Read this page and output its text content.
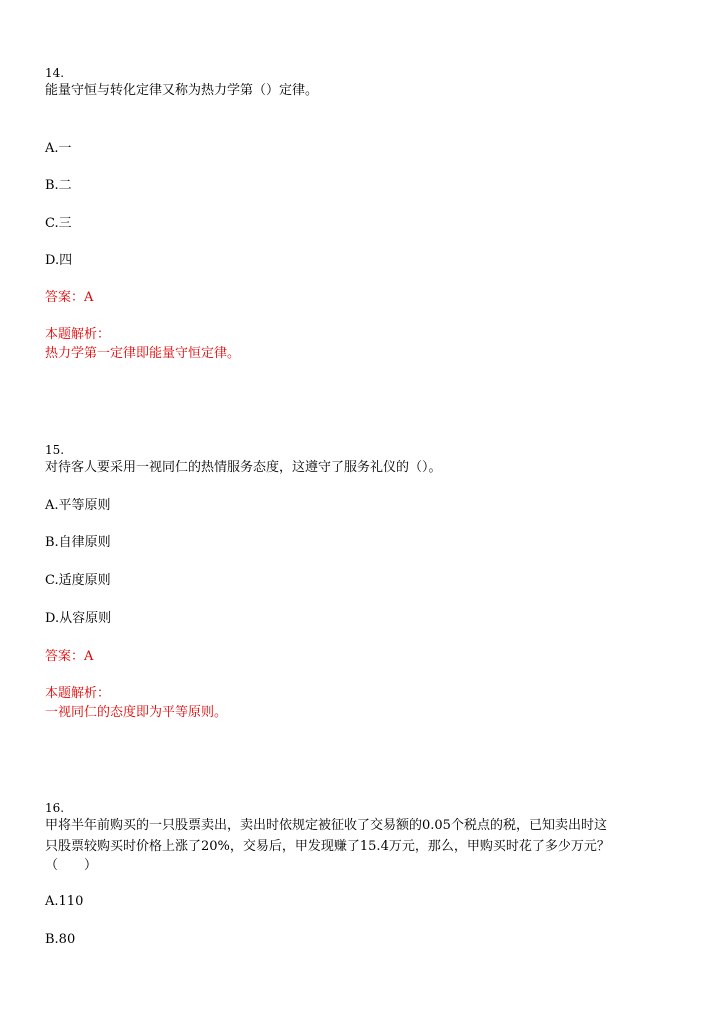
14.
能量守恒与转化定律又称为热力学第（）定律。
A.一
B.二
C.三
D.四
答案：A
本题解析：
热力学第一定律即能量守恒定律。
15.
对待客人要采用一视同仁的热情服务态度，这遵守了服务礼仪的（）。
A.平等原则
B.自律原则
C.适度原则
D.从容原则
答案：A
本题解析：
一视同仁的态度即为平等原则。
16.
甲将半年前购买的一只股票卖出，卖出时依规定被征收了交易额的0.05个税点的税，已知卖出时这
只股票较购买时价格上涨了20%，交易后，甲发现赚了15.4万元，那么，甲购买时花了多少万元？
（　　）
A.110
B.80
